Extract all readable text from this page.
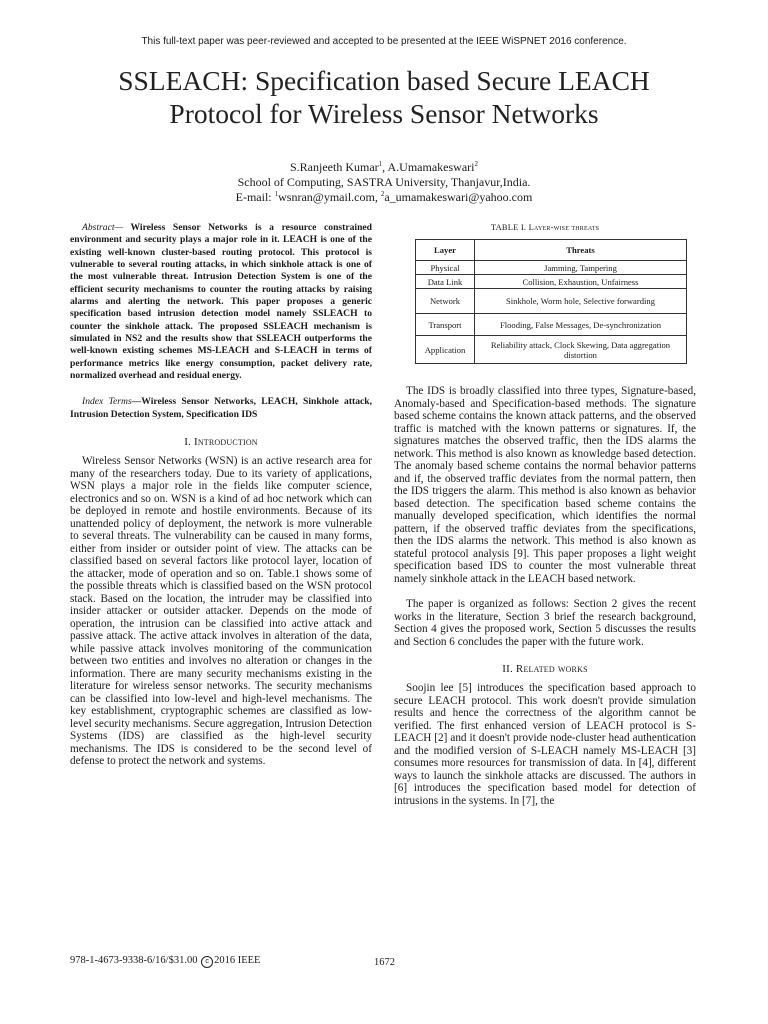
This full-text paper was peer-reviewed and accepted to be presented at the IEEE WiSPNET 2016 conference.
SSLEACH: Specification based Secure LEACH
Protocol for Wireless Sensor Networks
S.Ranjeeth Kumar$^1$, A.Umamakeswari$^2$
School of Computing, SASTRA University, Thanjavur,India.
E-mail: $^1$wsnran@ymail.com, $^2$a_umamakeswari@yahoo.com

Abstract— Wireless Sensor Networks is a resource constrained environment and security plays a major role in it. LEACH is one of the existing well-known cluster-based routing protocol. This protocol is vulnerable to several routing attacks, in which sinkhole attack is one of the most vulnerable threat. Intrusion Detection System is one of the efficient security mechanisms to counter the routing attacks by raising alarms and alerting the network. This paper proposes a generic specification based intrusion detection model namely SSLEACH to counter the sinkhole attack. The proposed SSLEACH mechanism is simulated in NS2 and the results show that SSLEACH outperforms the well-known existing schemes MS-LEACH and S-LEACH in terms of performance metrics like energy consumption, packet delivery rate, normalized overhead and residual energy.

Index Terms—Wireless Sensor Networks, LEACH, Sinkhole attack, Intrusion Detection System, Specification IDS

I. Introduction

Wireless Sensor Networks (WSN) is an active research area for many of the researchers today. Due to its variety of applications, WSN plays a major role in the fields like computer science, electronics and so on. WSN is a kind of ad hoc network which can be deployed in remote and hostile environments. Because of its unattended policy of deployment, the network is more vulnerable to several threats. The vulnerability can be caused in many forms, either from insider or outsider point of view. The attacks can be classified based on several factors like protocol layer, location of the attacker, mode of operation and so on. Table.1 shows some of the possible threats which is classified based on the WSN protocol stack. Based on the location, the intruder may be classified into insider attacker or outsider attacker. Depends on the mode of operation, the intrusion can be classified into active attack and passive attack. The active attack involves in alteration of the data, while passive attack involves monitoring of the communication between two entities and involves no alteration or changes in the information. There are many security mechanisms existing in the literature for wireless sensor networks. The security mechanisms can be classified into low-level and high-level mechanisms. The key establishment, cryptographic schemes are classified as low-level security mechanisms. Secure aggregation, Intrusion Detection Systems (IDS) are classified as the high-level security mechanisms. The IDS is considered to be the second level of defense to protect the network and systems.

TABLE I. Layer-wise threats
Layer	Threats
Physical	Jamming, Tampering
Data Link	Collision, Exhaustion, Unfairness
Network	Sinkhole, Worm hole, Selective forwarding
Transport	Flooding, False Messages, De-synchronization
Application	Reliability attack, Clock Skewing, Data aggregation distortion

The IDS is broadly classified into three types, Signature-based, Anomaly-based and Specification-based methods. The signature based scheme contains the known attack patterns, and the observed traffic is matched with the known patterns or signatures. If, the signatures matches the observed traffic, then the IDS alarms the network. This method is also known as knowledge based detection. The anomaly based scheme contains the normal behavior patterns and if, the observed traffic deviates from the normal pattern, then the IDS triggers the alarm. This method is also known as behavior based detection. The specification based scheme contains the manually developed specification, which identifies the normal pattern, if the observed traffic deviates from the specifications, then the IDS alarms the network. This method is also known as stateful protocol analysis [9]. This paper proposes a light weight specification based IDS to counter the most vulnerable threat namely sinkhole attack in the LEACH based network.

The paper is organized as follows: Section 2 gives the recent works in the literature, Section 3 brief the research background, Section 4 gives the proposed work, Section 5 discusses the results and Section 6 concludes the paper with the future work.

II. Related works

Soojin lee [5] introduces the specification based approach to secure LEACH protocol. This work doesn't provide simulation results and hence the correctness of the algorithm cannot be verified. The first enhanced version of LEACH protocol is S-LEACH [2] and it doesn't provide node-cluster head authentication and the modified version of S-LEACH namely MS-LEACH [3] consumes more resources for transmission of data. In [4], different ways to launch the sinkhole attacks are discussed. The authors in [6] introduces the specification based model for detection of intrusions in the systems. In [7], the

978-1-4673-9338-6/16/$31.00 c 2016 IEEE	1672
